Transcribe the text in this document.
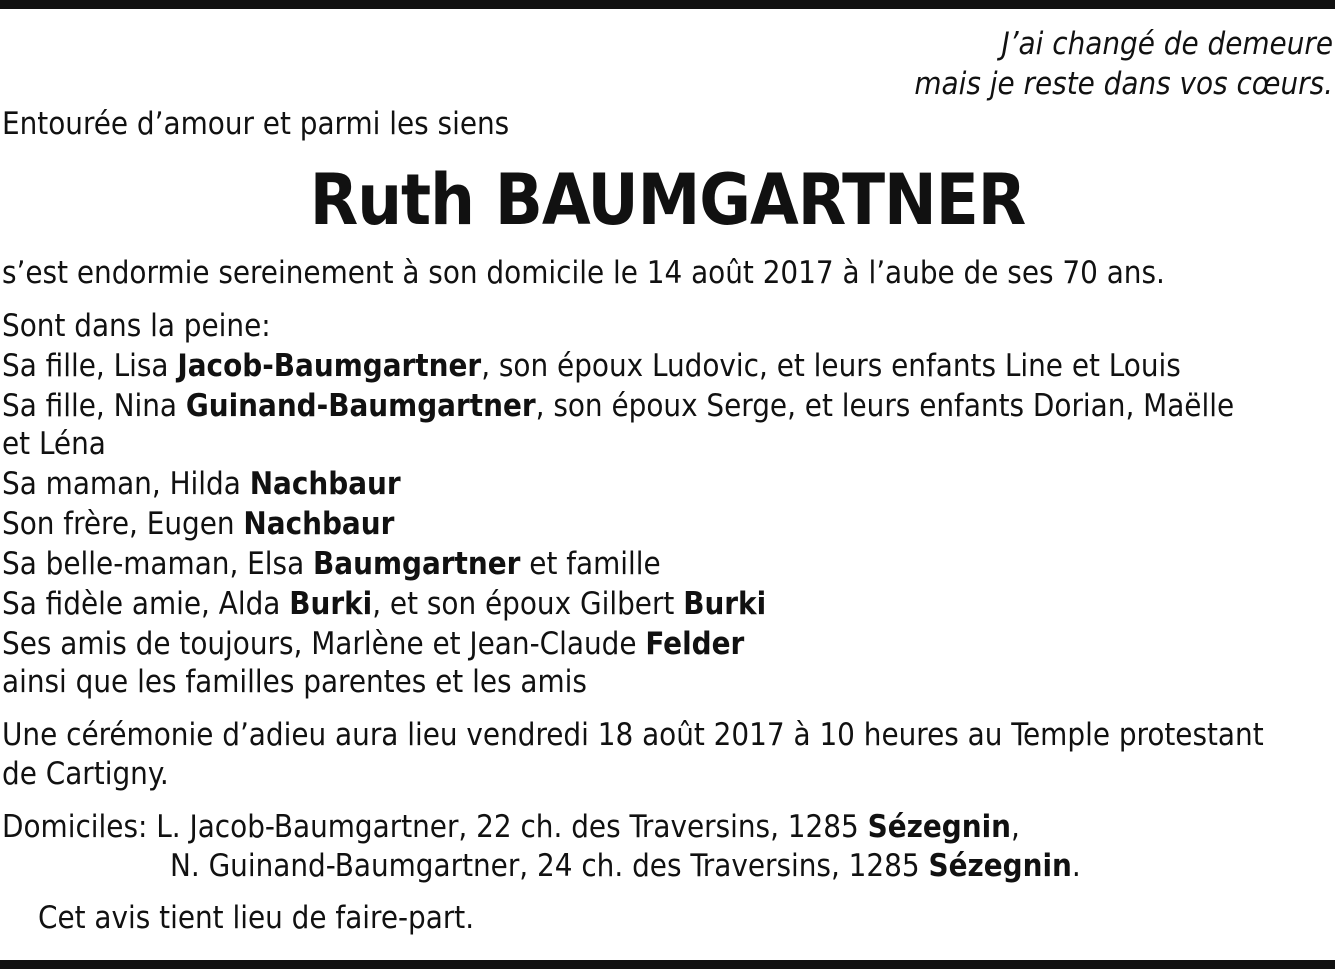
J’ai changé de demeure
mais je reste dans vos cœurs.
Entourée d’amour et parmi les siens
Ruth BAUMGARTNER
s’est endormie sereinement à son domicile le 14 août 2017 à l’aube de ses 70 ans.
Sont dans la peine:
Sa fille, Lisa Jacob-Baumgartner, son époux Ludovic, et leurs enfants Line et Louis
Sa fille, Nina Guinand-Baumgartner, son époux Serge, et leurs enfants Dorian, Maëlle
et Léna
Sa maman, Hilda Nachbaur
Son frère, Eugen Nachbaur
Sa belle-maman, Elsa Baumgartner et famille
Sa fidèle amie, Alda Burki, et son époux Gilbert Burki
Ses amis de toujours, Marlène et Jean-Claude Felder
ainsi que les familles parentes et les amis
Une cérémonie d’adieu aura lieu vendredi 18 août 2017 à 10 heures au Temple protestant
de Cartigny.
Domiciles: L. Jacob-Baumgartner, 22 ch. des Traversins, 1285 Sézegnin,
N. Guinand-Baumgartner, 24 ch. des Traversins, 1285 Sézegnin.
Cet avis tient lieu de faire-part.
